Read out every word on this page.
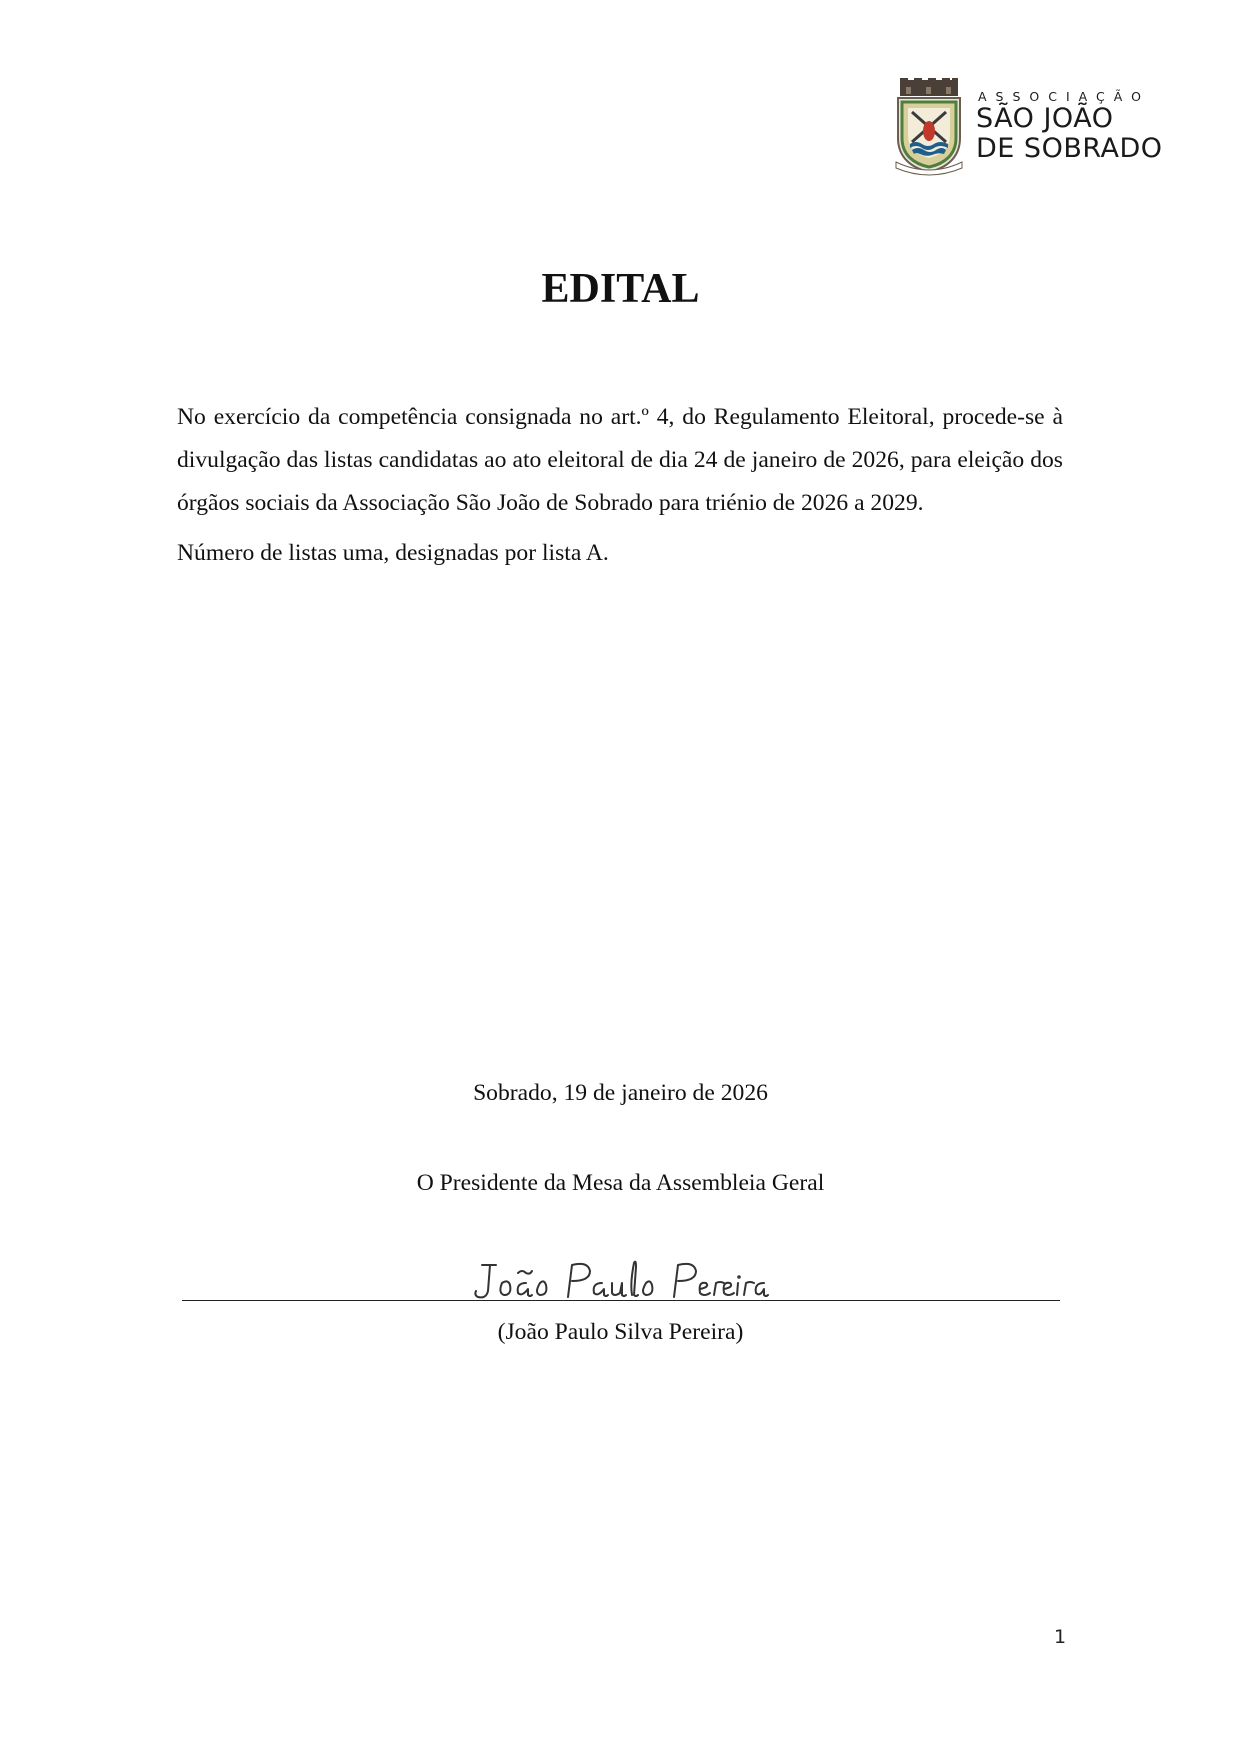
ASSOCIAÇÃO
SÃO JOÃO
DE SOBRADO
EDITAL

No exercício da competência consignada no art.º 4, do Regulamento Eleitoral, procede-se à divulgação das listas candidatas ao ato eleitoral de dia 24 de janeiro de 2026, para eleição dos órgãos sociais da Associação São João de Sobrado para triénio de 2026 a 2029.

Número de listas uma, designadas por lista A.

Sobrado, 19 de janeiro de 2026
O Presidente da Mesa da Assembleia Geral
(João Paulo Silva Pereira)
1
